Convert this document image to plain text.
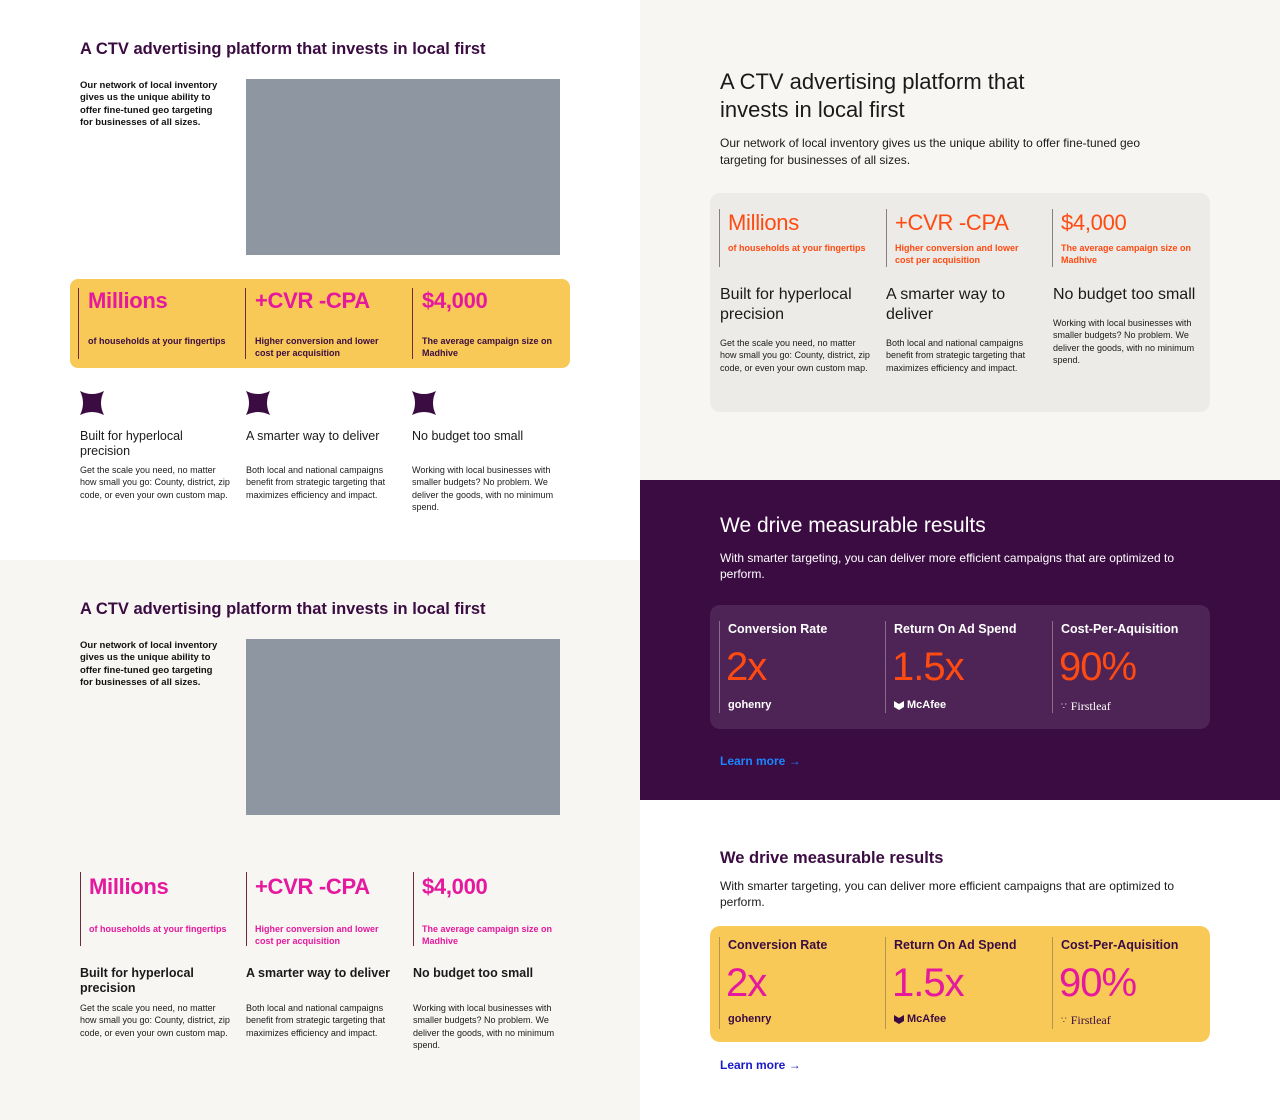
A CTV advertising platform that invests in local first

Our network of local inventory gives us the unique ability to offer fine-tuned geo targeting for businesses of all sizes.

Millions
of households at your fingertips
+CVR -CPA
Higher conversion and lower cost per acquisition
$4,000
The average campaign size on Madhive
Built for hyperlocal precision
Get the scale you need, no matter how small you go: County, district, zip code, or even your own custom map.
A smarter way to deliver
Both local and national campaigns benefit from strategic targeting that maximizes efficiency and impact.
No budget too small
Working with local businesses with smaller budgets? No problem. We deliver the goods, with no minimum spend.
A CTV advertising platform that invests in local first

Our network of local inventory gives us the unique ability to offer fine-tuned geo targeting for businesses of all sizes.

Millions
of households at your fingertips
+CVR -CPA
Higher conversion and lower cost per acquisition
$4,000
The average campaign size on Madhive
Built for hyperlocal precision
Get the scale you need, no matter how small you go: County, district, zip code, or even your own custom map.
A smarter way to deliver
Both local and national campaigns benefit from strategic targeting that maximizes efficiency and impact.
No budget too small
Working with local businesses with smaller budgets? No problem. We deliver the goods, with no minimum spend.
A CTV advertising platform that invests in local first

Our network of local inventory gives us the unique ability to offer fine-tuned geo targeting for businesses of all sizes.

Millions
of households at your fingertips
+CVR -CPA
Higher conversion and lower cost per acquisition
$4,000
The average campaign size on Madhive
Built for hyperlocal precision
Get the scale you need, no matter how small you go: County, district, zip code, or even your own custom map.
A smarter way to deliver
Both local and national campaigns benefit from strategic targeting that maximizes efficiency and impact.
No budget too small
Working with local businesses with smaller budgets? No problem. We deliver the goods, with no minimum spend.
We drive measurable results

With smarter targeting, you can deliver more efficient campaigns that are optimized to perform.

Conversion Rate
2x
gohenry
Return On Ad Spend
1.5x
McAfee
Cost-Per-Aquisition
90%
∵ Firstleaf
Learn more →
We drive measurable results

With smarter targeting, you can deliver more efficient campaigns that are optimized to perform.

Conversion Rate
2x
gohenry
Return On Ad Spend
1.5x
McAfee
Cost-Per-Aquisition
90%
∵ Firstleaf
Learn more →
